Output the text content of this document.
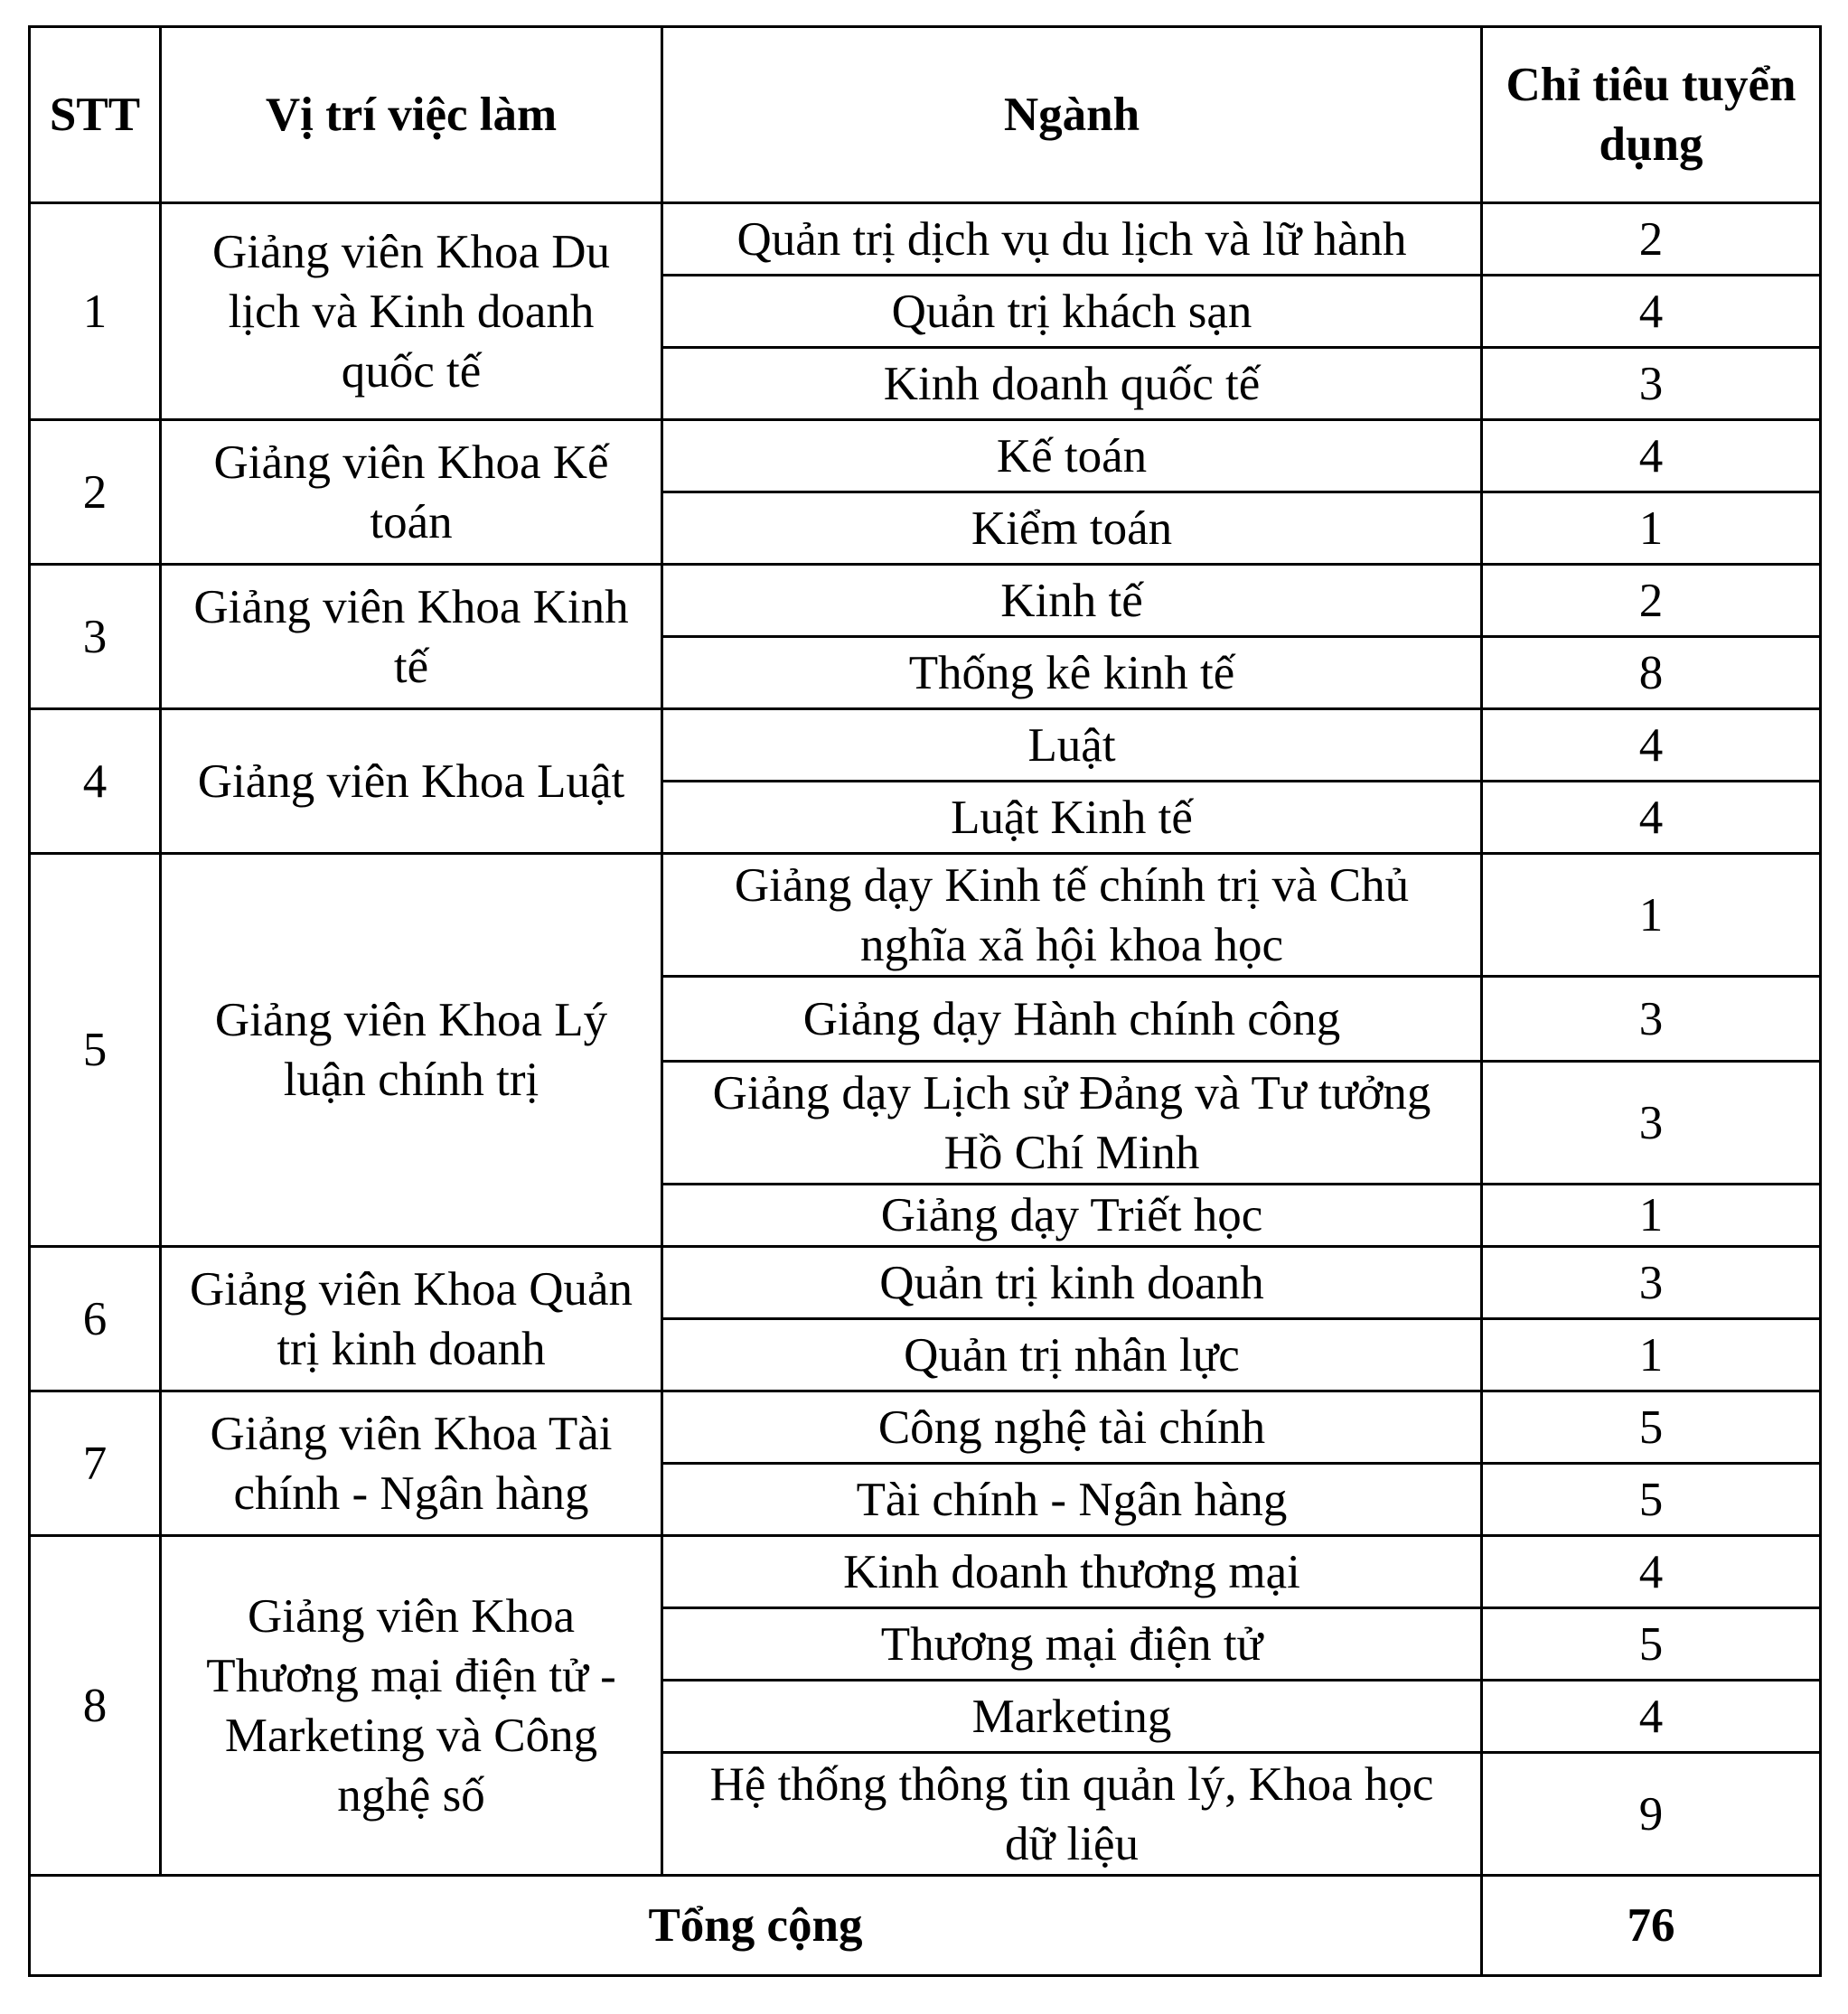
STT	Vị trí việc làm	Ngành	Chỉ tiêu tuyển dụng
1	Giảng viên Khoa Du lịch và Kinh doanh quốc tế	Quản trị dịch vụ du lịch và lữ hành	2
		Quản trị khách sạn	4
		Kinh doanh quốc tế	3
2	Giảng viên Khoa Kế toán	Kế toán	4
		Kiểm toán	1
3	Giảng viên Khoa Kinh tế	Kinh tế	2
		Thống kê kinh tế	8
4	Giảng viên Khoa Luật	Luật	4
		Luật Kinh tế	4
5	Giảng viên Khoa Lý luận chính trị	Giảng dạy Kinh tế chính trị và Chủ nghĩa xã hội khoa học	1
		Giảng dạy Hành chính công	3
		Giảng dạy Lịch sử Đảng và Tư tưởng Hồ Chí Minh	3
		Giảng dạy Triết học	1
6	Giảng viên Khoa Quản trị kinh doanh	Quản trị kinh doanh	3
		Quản trị nhân lực	1
7	Giảng viên Khoa Tài chính - Ngân hàng	Công nghệ tài chính	5
		Tài chính - Ngân hàng	5
8	Giảng viên Khoa Thương mại điện tử - Marketing và Công nghệ số	Kinh doanh thương mại	4
		Thương mại điện tử	5
		Marketing	4
		Hệ thống thông tin quản lý, Khoa học dữ liệu	9
Tổng cộng			76
